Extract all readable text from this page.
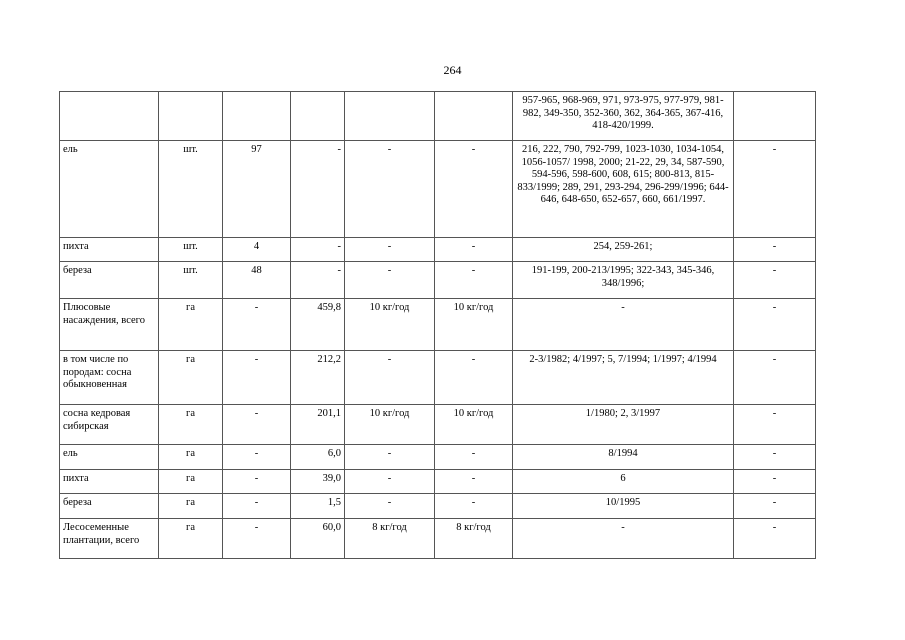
264
						957-965, 968-969, 971, 973-975, 977-979, 981-982, 349-350, 352-360, 362, 364-365, 367-416, 418-420/1999.	
ель	шт.	97	-	-	-	216, 222, 790, 792-799, 1023-1030, 1034-1054, 1056-1057/ 1998, 2000; 21-22, 29, 34, 587-590, 594-596, 598-600, 608, 615; 800-813, 815-833/1999; 289, 291, 293-294, 296-299/1996; 644-646, 648-650, 652-657, 660, 661/1997.	-
пихта	шт.	4	-	-	-	254, 259-261;	-
береза	шт.	48	-	-	-	191-199, 200-213/1995; 322-343, 345-346, 348/1996;	-
Плюсовые насаждения, всего	га	-	459,8	10 кг/год	10 кг/год	-	-
в том числе по породам: сосна обыкновенная	га	-	212,2	-	-	2-3/1982; 4/1997; 5, 7/1994; 1/1997; 4/1994	-
сосна кедровая сибирская	га	-	201,1	10 кг/год	10 кг/год	1/1980; 2, 3/1997	-
ель	га	-	6,0	-	-	8/1994	-
пихта	га	-	39,0	-	-	6	-
береза	га	-	1,5	-	-	10/1995	-
Лесосеменные плантации, всего	га	-	60,0	8 кг/год	8 кг/год	-	-
